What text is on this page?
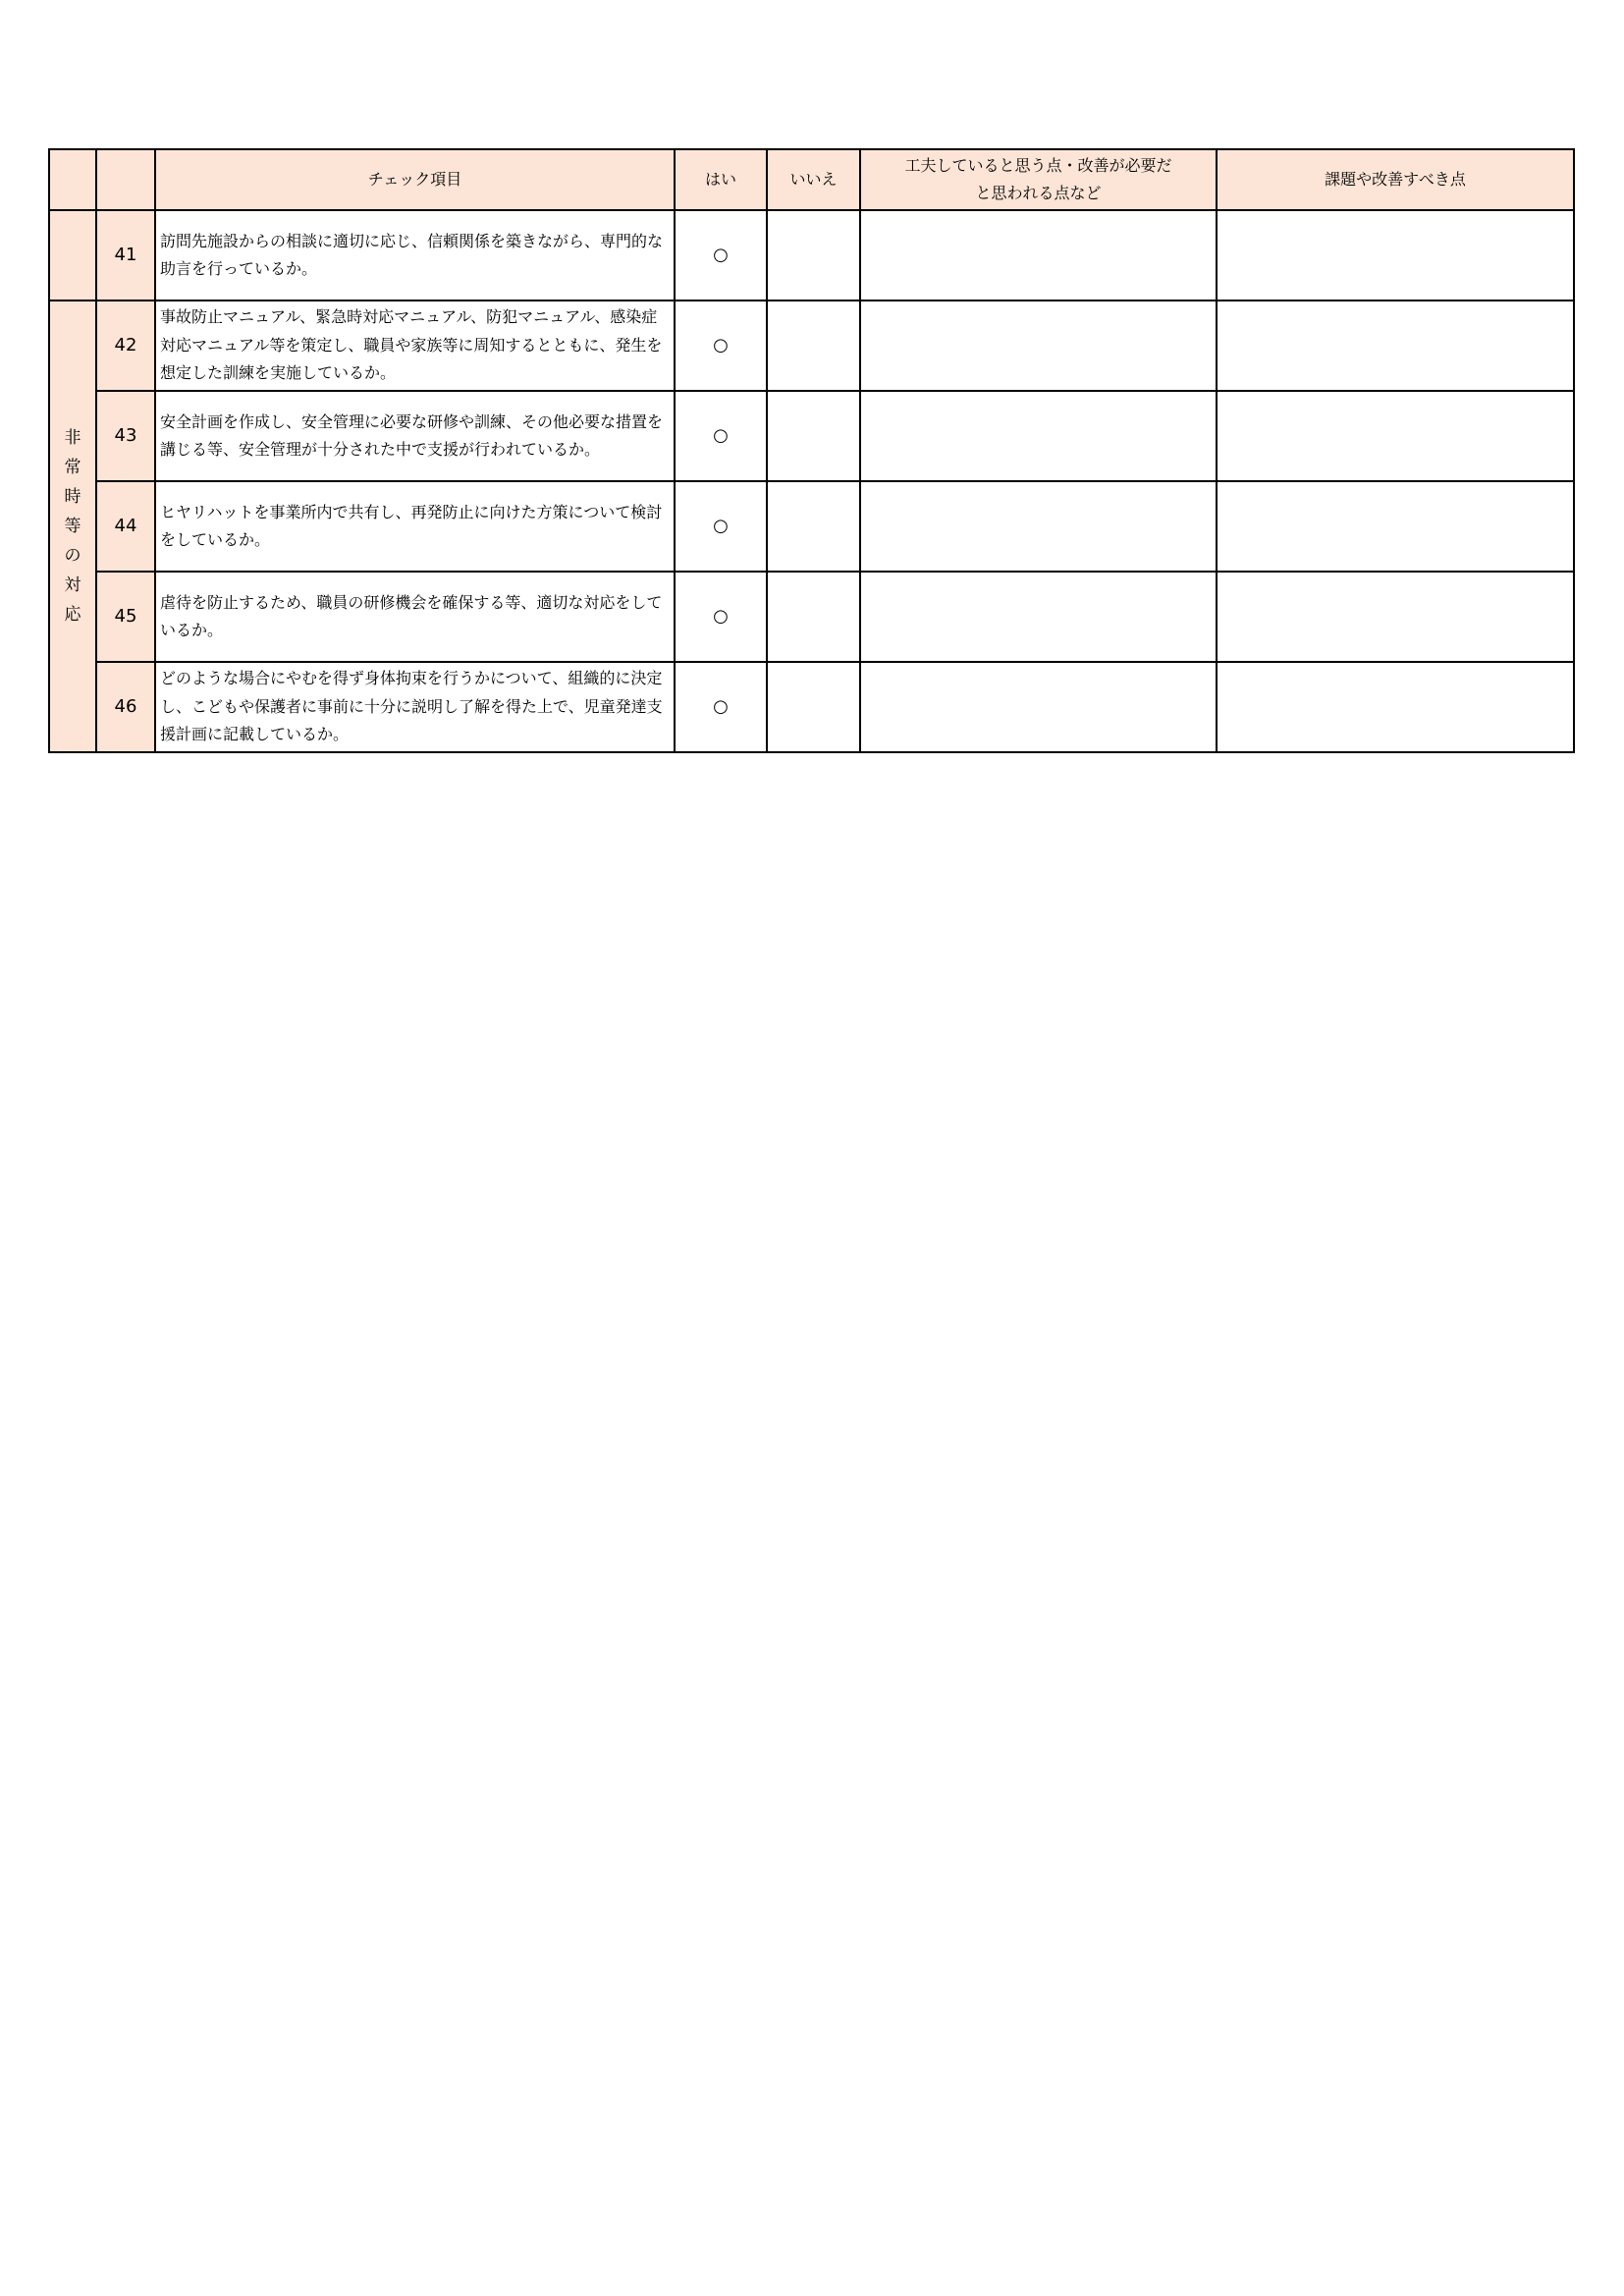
		チェック項目	はい	いいえ	工夫していると思う点・改善が必要だと思われる点など	課題や改善すべき点
	41	訪問先施設からの相談に適切に応じ、信頼関係を築きながら、専門的な助言を行っているか。	○			
非常時等の対応	42	事故防止マニュアル、緊急時対応マニュアル、防犯マニュアル、感染症対応マニュアル等を策定し、職員や家族等に周知するとともに、発生を想定した訓練を実施しているか。	○			
	43	安全計画を作成し、安全管理に必要な研修や訓練、その他必要な措置を講じる等、安全管理が十分された中で支援が行われているか。	○			
	44	ヒヤリハットを事業所内で共有し、再発防止に向けた方策について検討をしているか。	○			
	45	虐待を防止するため、職員の研修機会を確保する等、適切な対応をしているか。	○			
	46	どのような場合にやむを得ず身体拘束を行うかについて、組織的に決定し、こどもや保護者に事前に十分に説明し了解を得た上で、児童発達支援計画に記載しているか。	○			
